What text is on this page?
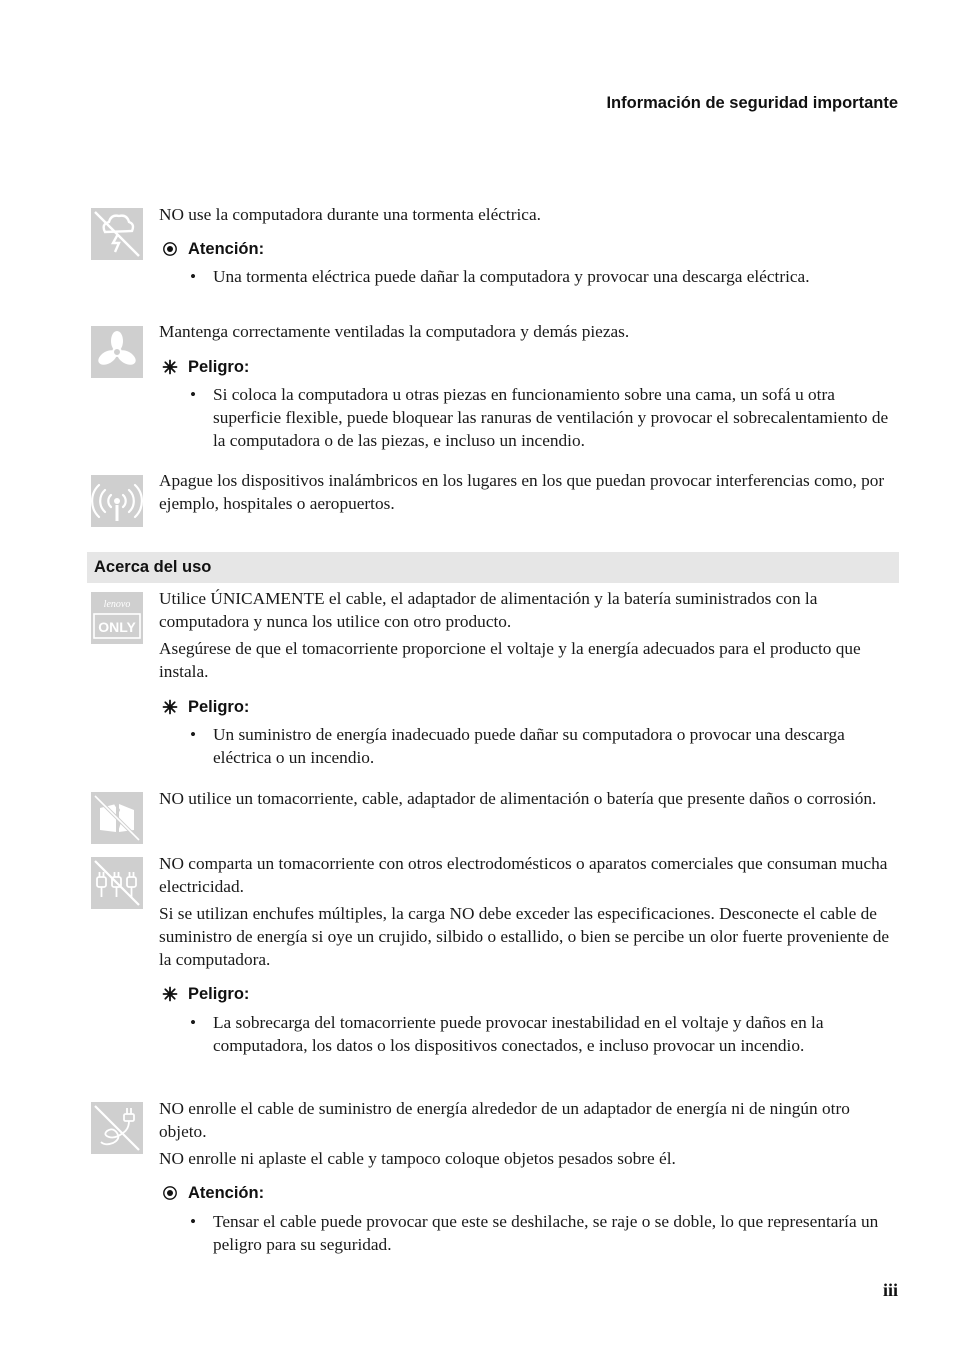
Información de seguridad importante

NO use la computadora durante una tormenta eléctrica.

Atención:

• Una tormenta eléctrica puede dañar la computadora y provocar una descarga eléctrica.

Mantenga correctamente ventiladas la computadora y demás piezas.

Peligro:

• Si coloca la computadora u otras piezas en funcionamiento sobre una cama, un sofá u otra superficie flexible, puede bloquear las ranuras de ventilación y provocar el sobrecalentamiento de la computadora o de las piezas, e incluso un incendio.

Apague los dispositivos inalámbricos en los lugares en los que puedan provocar interferencias como, por ejemplo, hospitales o aeropuertos.

Acerca del uso
lenovo
ONLY

Utilice ÚNICAMENTE el cable, el adaptador de alimentación y la batería suministrados con la computadora y nunca los utilice con otro producto.

Asegúrese de que el tomacorriente proporcione el voltaje y la energía adecuados para el producto que instala.

Peligro:

• Un suministro de energía inadecuado puede dañar su computadora o provocar una descarga eléctrica o un incendio.

NO utilice un tomacorriente, cable, adaptador de alimentación o batería que presente daños o corrosión.

NO comparta un tomacorriente con otros electrodomésticos o aparatos comerciales que consuman mucha electricidad.

Si se utilizan enchufes múltiples, la carga NO debe exceder las especificaciones. Desconecte el cable de suministro de energía si oye un crujido, silbido o estallido, o bien se percibe un olor fuerte proveniente de la computadora.

Peligro:

• La sobrecarga del tomacorriente puede provocar inestabilidad en el voltaje y daños en la computadora, los datos o los dispositivos conectados, e incluso provocar un incendio.

NO enrolle el cable de suministro de energía alrededor de un adaptador de energía ni de ningún otro objeto.

NO enrolle ni aplaste el cable y tampoco coloque objetos pesados sobre él.

Atención:

• Tensar el cable puede provocar que este se deshilache, se raje o se doble, lo que representaría un peligro para su seguridad.

iii
